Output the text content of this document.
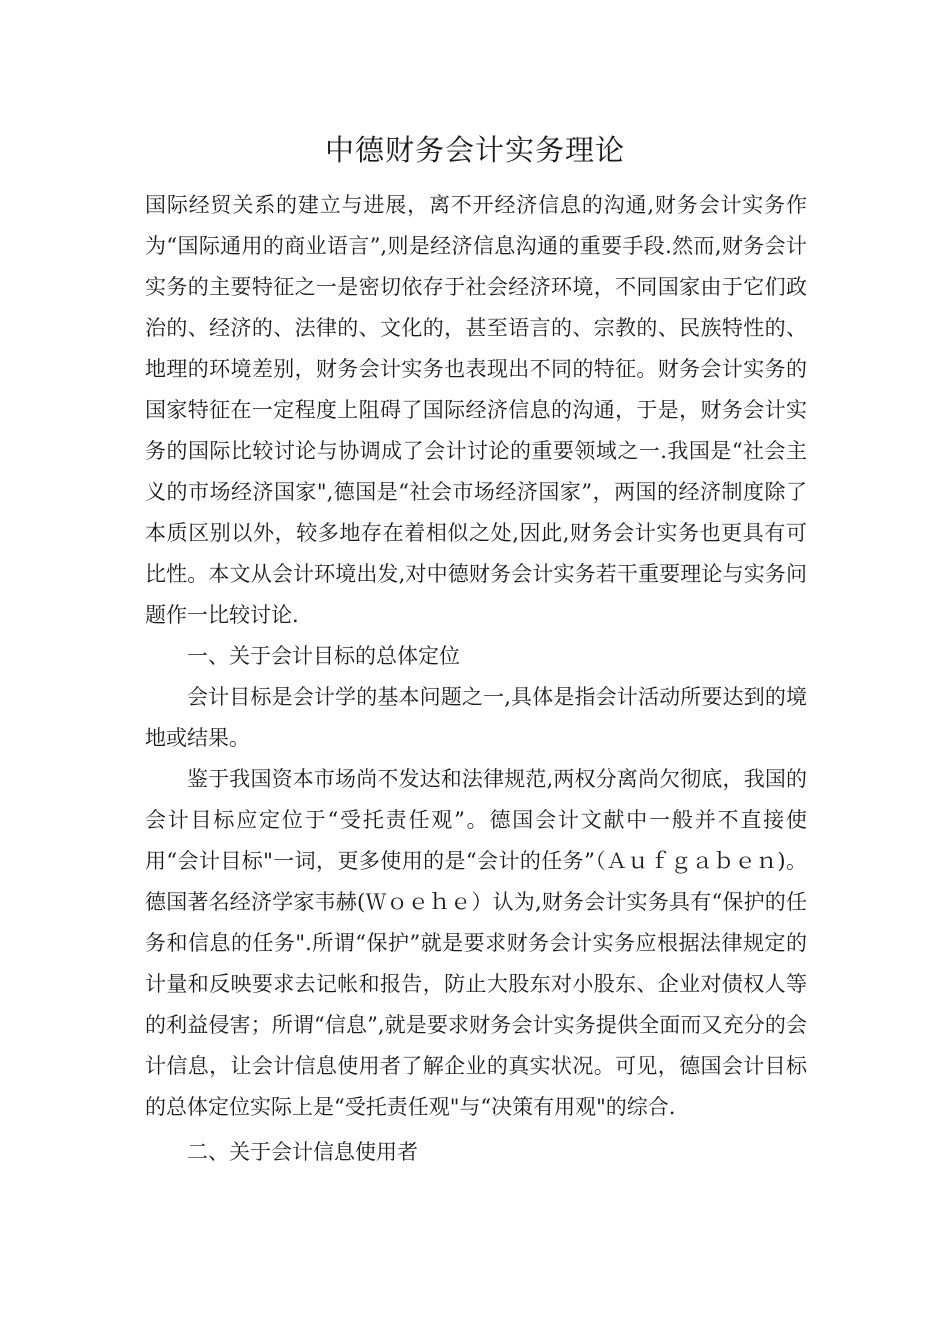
中德财务会计实务理论

国际经贸关系的建立与进展，离不开经济信息的沟通,财务会计实务作为“国际通用的商业语言”,则是经济信息沟通的重要手段.然而,财务会计实务的主要特征之一是密切依存于社会经济环境，不同国家由于它们政治的、经济的、法律的、文化的，甚至语言的、宗教的、民族特性的、地理的环境差别，财务会计实务也表现出不同的特征。财务会计实务的国家特征在一定程度上阻碍了国际经济信息的沟通，于是，财务会计实务的国际比较讨论与协调成了会计讨论的重要领域之一.我国是“社会主义的市场经济国家",德国是“社会市场经济国家”，两国的经济制度除了本质区别以外，较多地存在着相似之处,因此,财务会计实务也更具有可比性。本文从会计环境出发,对中德财务会计实务若干重要理论与实务问题作一比较讨论.

一、关于会计目标的总体定位

会计目标是会计学的基本问题之一,具体是指会计活动所要达到的境地或结果。

鉴于我国资本市场尚不发达和法律规范,两权分离尚欠彻底，我国的会计目标应定位于“受托责任观”。德国会计文献中一般并不直接使用“会计目标"一词，更多使用的是“会计的任务”（Ａｕｆｇａｂｅｎ)。德国著名经济学家韦赫(Ｗｏｅｈｅ）认为,财务会计实务具有“保护的任务和信息的任务".所谓“保护”就是要求财务会计实务应根据法律规定的计量和反映要求去记帐和报告，防止大股东对小股东、企业对债权人等的利益侵害；所谓“信息”,就是要求财务会计实务提供全面而又充分的会计信息，让会计信息使用者了解企业的真实状况。可见，德国会计目标的总体定位实际上是“受托责任观"与“决策有用观"的综合.

二、关于会计信息使用者
